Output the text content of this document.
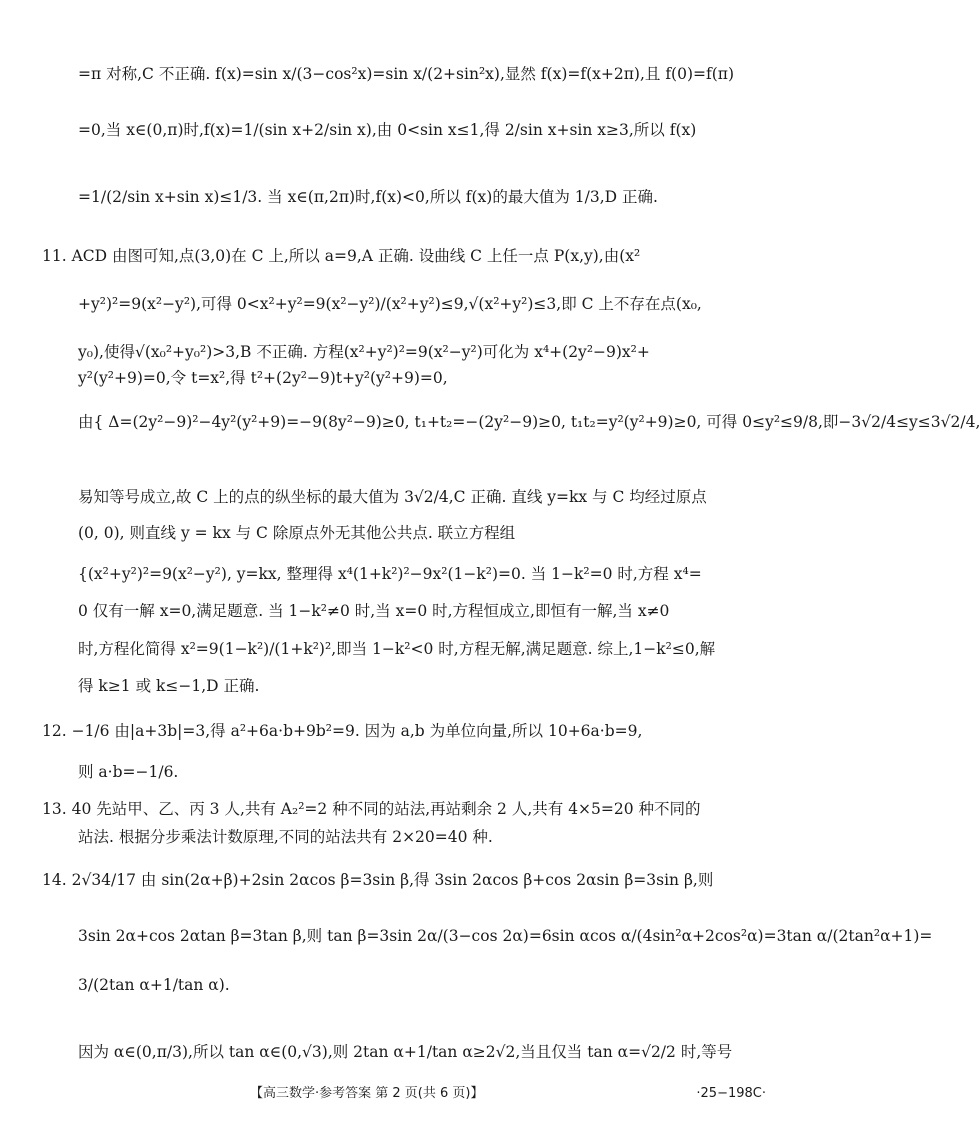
=π 对称,C 不正确. f(x)=sin x/(3−cos²x)=sin x/(2+sin²x),显然 f(x)=f(x+2π),且 f(0)=f(π)
=0,当 x∈(0,π)时,f(x)=1/(sin x+2/sin x),由 0<sin x≤1,得 2/sin x+sin x≥3,所以 f(x)
=1/(2/sin x+sin x)≤1/3. 当 x∈(π,2π)时,f(x)<0,所以 f(x)的最大值为 1/3,D 正确.
11. ACD 由图可知,点(3,0)在 C 上,所以 a=9,A 正确. 设曲线 C 上任一点 P(x,y),由(x²
+y²)²=9(x²−y²),可得 0<x²+y²=9(x²−y²)/(x²+y²)≤9,√(x²+y²)≤3,即 C 上不存在点(x₀,
y₀),使得√(x₀²+y₀²)>3,B 不正确. 方程(x²+y²)²=9(x²−y²)可化为 x⁴+(2y²−9)x²+
y²(y²+9)=0,令 t=x²,得 t²+(2y²−9)t+y²(y²+9)=0,
由{ Δ=(2y²−9)²−4y²(y²+9)=−9(8y²−9)≥0, t₁+t₂=−(2y²−9)≥0, t₁t₂=y²(y²+9)≥0, 可得 0≤y²≤9/8,即−3√2/4≤y≤3√2/4,
易知等号成立,故 C 上的点的纵坐标的最大值为 3√2/4,C 正确. 直线 y=kx 与 C 均经过原点
(0, 0), 则直线 y = kx 与 C 除原点外无其他公共点. 联立方程组
{(x²+y²)²=9(x²−y²), y=kx, 整理得 x⁴(1+k²)²−9x²(1−k²)=0. 当 1−k²=0 时,方程 x⁴=
0 仅有一解 x=0,满足题意. 当 1−k²≠0 时,当 x=0 时,方程恒成立,即恒有一解,当 x≠0
时,方程化简得 x²=9(1−k²)/(1+k²)²,即当 1−k²<0 时,方程无解,满足题意. 综上,1−k²≤0,解
得 k≥1 或 k≤−1,D 正确.
12. −1/6 由|a+3b|=3,得 a²+6a·b+9b²=9. 因为 a,b 为单位向量,所以 10+6a·b=9,
则 a·b=−1/6.
13. 40 先站甲、乙、丙 3 人,共有 A₂²=2 种不同的站法,再站剩余 2 人,共有 4×5=20 种不同的
站法. 根据分步乘法计数原理,不同的站法共有 2×20=40 种.
14. 2√34/17 由 sin(2α+β)+2sin 2αcos β=3sin β,得 3sin 2αcos β+cos 2αsin β=3sin β,则
3sin 2α+cos 2αtan β=3tan β,则 tan β=3sin 2α/(3−cos 2α)=6sin αcos α/(4sin²α+2cos²α)=3tan α/(2tan²α+1)=
3/(2tan α+1/tan α).
因为 α∈(0,π/3),所以 tan α∈(0,√3),则 2tan α+1/tan α≥2√2,当且仅当 tan α=√2/2 时,等号
【高三数学·参考答案 第 2 页(共 6 页)】	·25−198C·
